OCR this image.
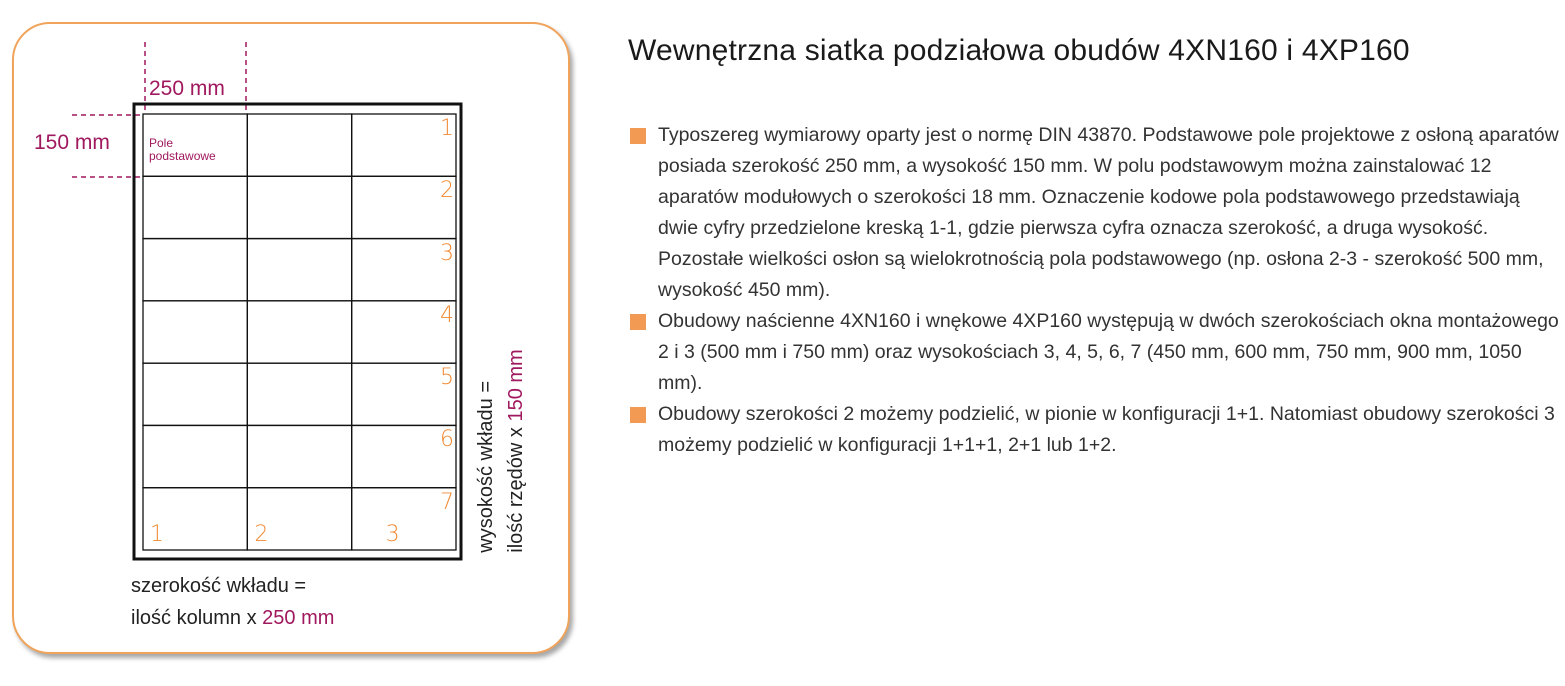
250 mm
150 mm	Pole
podstawowe
1
2
3
4
5
6
7
1	2	3
szerokość wkładu =
ilość kolumn x 250 mm
wysokość wkładu = ilość rzędów x 150 mm
Wewnętrzna siatka podziałowa obudów 4XN160 i 4XP160
Typoszereg wymiarowy oparty jest o normę DIN 43870. Podstawowe pole projektowe z osłoną aparatów posiada szerokość 250 mm, a wysokość 150 mm. W polu podstawowym można zainstalować 12 aparatów modułowych o szerokości 18 mm. Oznaczenie kodowe pola podstawowego przedstawiają dwie cyfry przedzielone kreską 1-1, gdzie pierwsza cyfra oznacza szerokość, a druga wysokość. Pozostałe wielkości osłon są wielokrotnością pola podstawowego (np. osłona 2-3 - szerokość 500 mm, wysokość 450 mm).
Obudowy naścienne 4XN160 i wnękowe 4XP160 występują w dwóch szerokościach okna montażowego 2 i 3 (500 mm i 750 mm) oraz wysokościach 3, 4, 5, 6, 7 (450 mm, 600 mm, 750 mm, 900 mm, 1050 mm).
Obudowy szerokości 2 możemy podzielić, w pionie w konfiguracji 1+1. Natomiast obudowy szerokości 3 możemy podzielić w konfiguracji 1+1+1, 2+1 lub 1+2.
